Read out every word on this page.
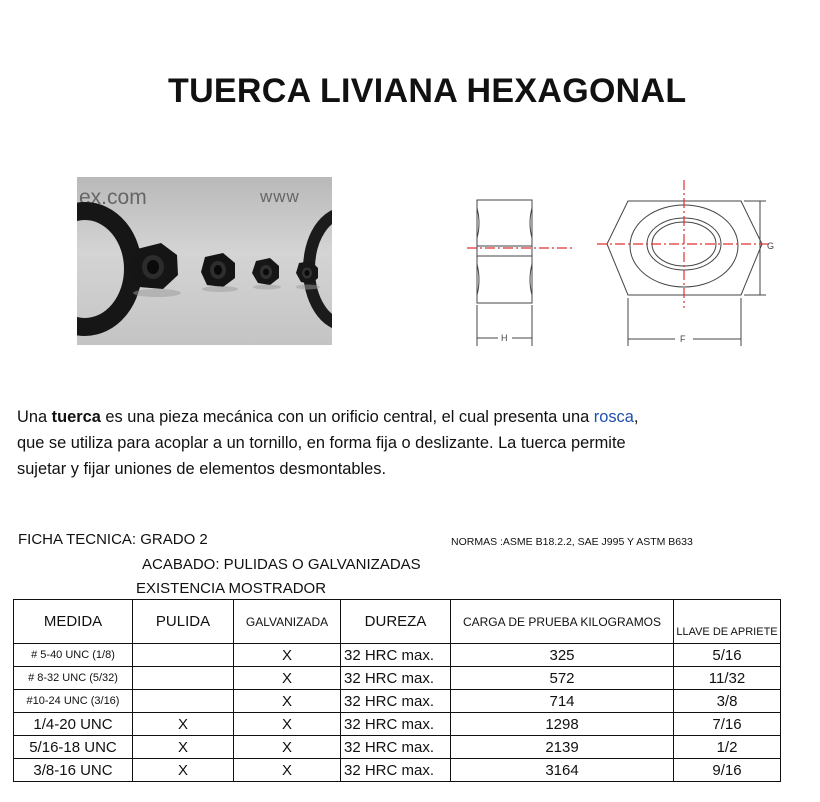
TUERCA LIVIANA HEXAGONAL
ex.com	www
®
H
G
F
Una tuerca es una pieza mecánica con un orificio central, el cual presenta una rosca,
que se utiliza para acoplar a un tornillo, en forma fija o deslizante. La tuerca permite
sujetar y fijar uniones de elementos desmontables.
FICHA TECNICA: GRADO 2
ACABADO: PULIDAS O GALVANIZADAS
EXISTENCIA MOSTRADOR
NORMAS :ASME B18.2.2, SAE J995 Y ASTM B633
MEDIDA	PULIDA	GALVANIZADA	DUREZA	CARGA DE PRUEBA KILOGRAMOS	LLAVE DE APRIETE
# 5-40 UNC (1/8)		X	32 HRC max.	325	5/16
# 8-32 UNC (5/32)		X	32 HRC max.	572	11/32
#10-24 UNC (3/16)		X	32 HRC max.	714	3/8
1/4-20 UNC	X	X	32 HRC max.	1298	7/16
5/16-18 UNC	X	X	32 HRC max.	2139	1/2
3/8-16 UNC	X	X	32 HRC max.	3164	9/16
